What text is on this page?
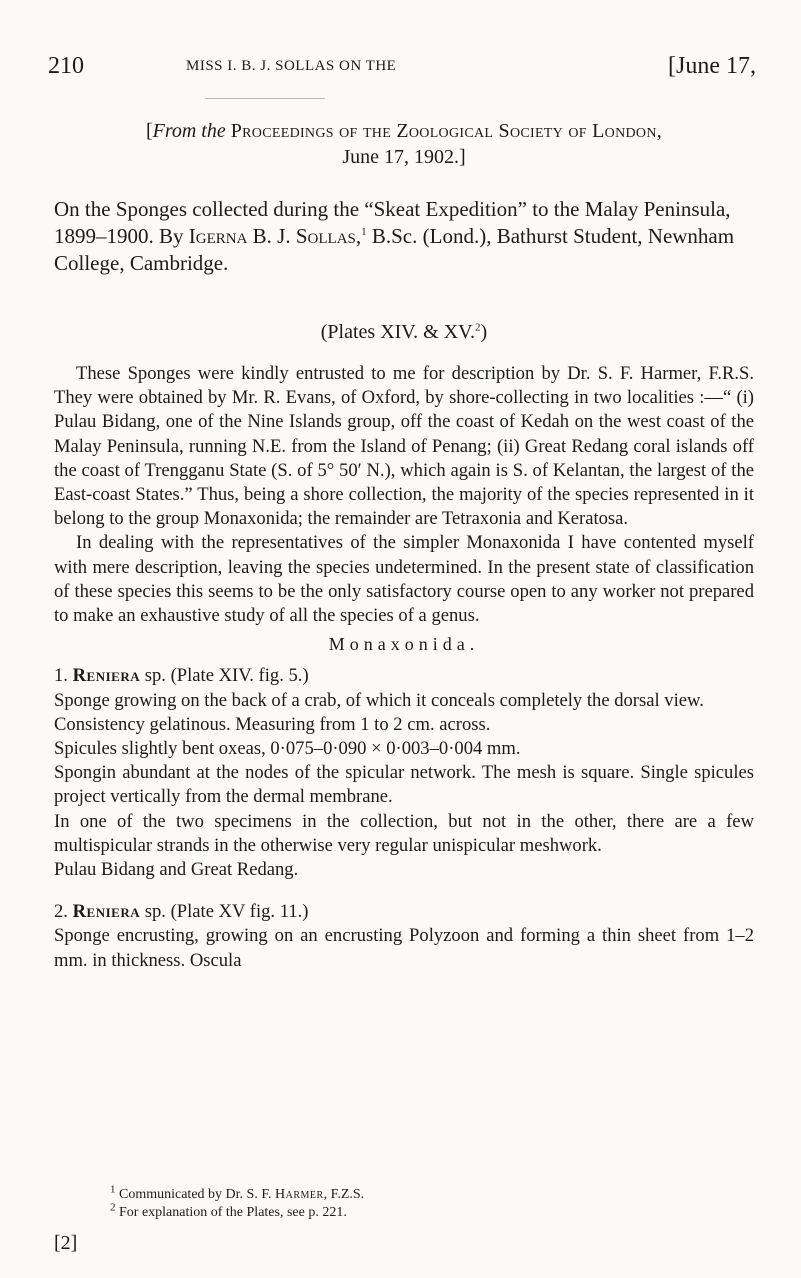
210	MISS I. B. J. SOLLAS ON THE	[June 17,
[From the Proceedings of the Zoological Society of London,
June 17, 1902.]
On the Sponges collected during the “Skeat Expedition” to the Malay Peninsula, 1899–1900. By Igerna B. J. Sollas,$^1$ B.Sc. (Lond.), Bathurst Student, Newnham College, Cambridge.
(Plates XIV. & XV.$^2$)

These Sponges were kindly entrusted to me for description by Dr. S. F. Harmer, F.R.S. They were obtained by Mr. R. Evans, of Oxford, by shore-collecting in two localities :—“ (i) Pulau Bidang, one of the Nine Islands group, off the coast of Kedah on the west coast of the Malay Peninsula, running N.E. from the Island of Penang; (ii) Great Redang coral islands off the coast of Trengganu State (S. of 5° 50′ N.), which again is S. of Kelantan, the largest of the East-coast States.” Thus, being a shore collection, the majority of the species represented in it belong to the group Monaxonida; the remainder are Tetraxonia and Keratosa.

In dealing with the representatives of the simpler Monaxonida I have contented myself with mere description, leaving the species undetermined. In the present state of classification of these species this seems to be the only satisfactory course open to any worker not prepared to make an exhaustive study of all the species of a genus.

Monaxonida.

1. Reniera sp. (Plate XIV. fig. 5.)

Sponge growing on the back of a crab, of which it conceals completely the dorsal view.

Consistency gelatinous. Measuring from 1 to 2 cm. across.

Spicules slightly bent oxeas, 0·075–0·090 × 0·003–0·004 mm.

Spongin abundant at the nodes of the spicular network. The mesh is square. Single spicules project vertically from the dermal membrane.

In one of the two specimens in the collection, but not in the other, there are a few multispicular strands in the otherwise very regular unispicular meshwork.

Pulau Bidang and Great Redang.

2. Reniera sp. (Plate XV fig. 11.)

Sponge encrusting, growing on an encrusting Polyzoon and forming a thin sheet from 1–2 mm. in thickness. Oscula

$^1$ Communicated by Dr. S. F. Harmer, F.Z.S.
$^2$ For explanation of the Plates, see p. 221.
[2]
